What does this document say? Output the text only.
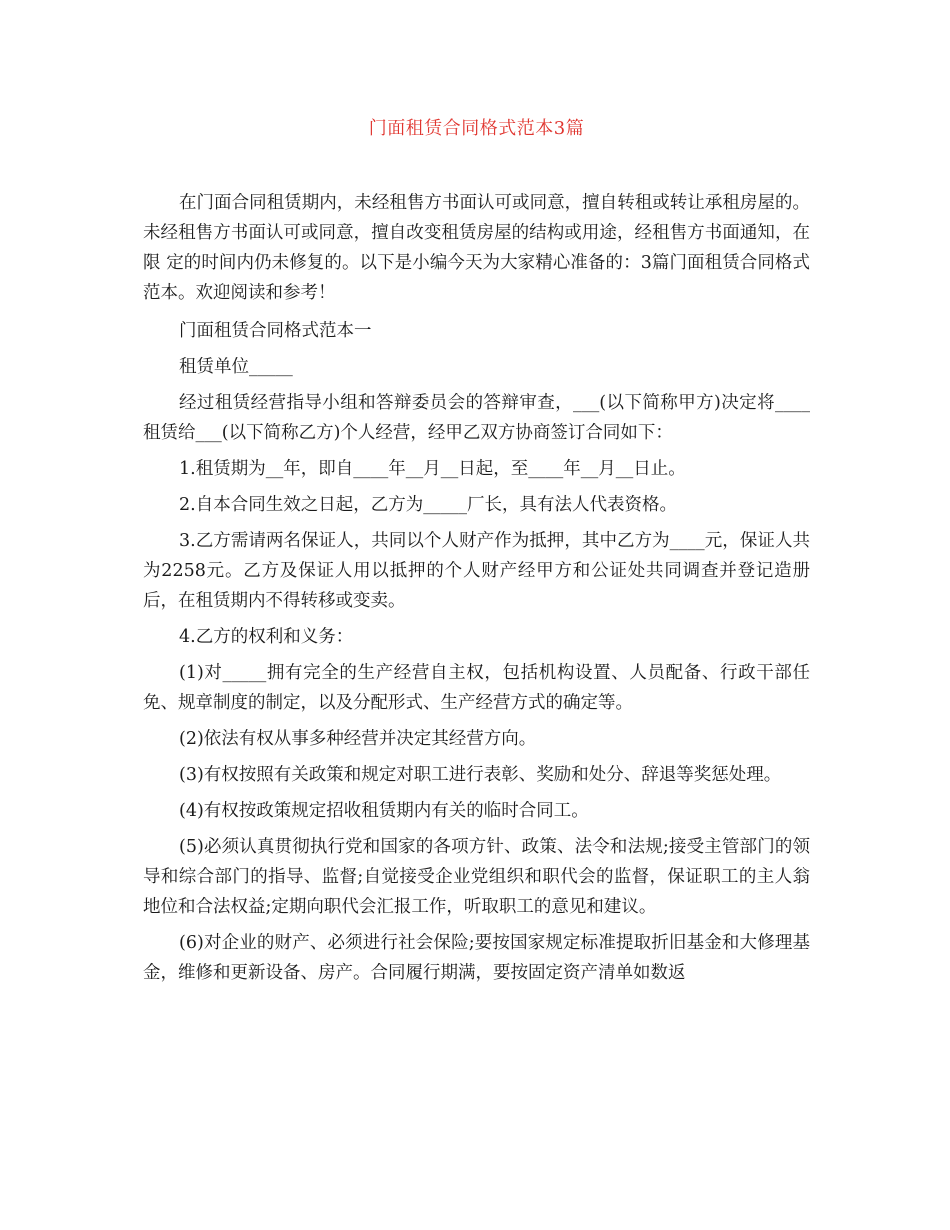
门面租赁合同格式范本3篇

在门面合同租赁期内，未经租售方书面认可或同意，擅自转租或转让承租房屋的。未经租售方书面认可或同意，擅自改变租赁房屋的结构或用途，经租售方书面通知，在限 定的时间内仍未修复的。以下是小编今天为大家精心准备的：3篇门面租赁合同格式范本。欢迎阅读和参考！

门面租赁合同格式范本一

租赁单位_____

经过租赁经营指导小组和答辩委员会的答辩审查，___(以下简称甲方)决定将____租赁给___(以下简称乙方)个人经营，经甲乙双方协商签订合同如下：

1.租赁期为__年，即自____年__月__日起，至____年__月__日止。

2.自本合同生效之日起，乙方为_____厂长，具有法人代表资格。

3.乙方需请两名保证人，共同以个人财产作为抵押，其中乙方为____元，保证人共为2258元。乙方及保证人用以抵押的个人财产经甲方和公证处共同调查并登记造册后，在租赁期内不得转移或变卖。

4.乙方的权利和义务：

(1)对_____拥有完全的生产经营自主权，包括机构设置、人员配备、行政干部任免、规章制度的制定，以及分配形式、生产经营方式的确定等。

(2)依法有权从事多种经营并决定其经营方向。

(3)有权按照有关政策和规定对职工进行表彰、奖励和处分、辞退等奖惩处理。

(4)有权按政策规定招收租赁期内有关的临时合同工。

(5)必须认真贯彻执行党和国家的各项方针、政策、法令和法规;接受主管部门的领导和综合部门的指导、监督;自觉接受企业党组织和职代会的监督，保证职工的主人翁地位和合法权益;定期向职代会汇报工作，听取职工的意见和建议。

(6)对企业的财产、必须进行社会保险;要按国家规定标准提取折旧基金和大修理基金，维修和更新设备、房产。合同履行期满，要按固定资产清单如数返
